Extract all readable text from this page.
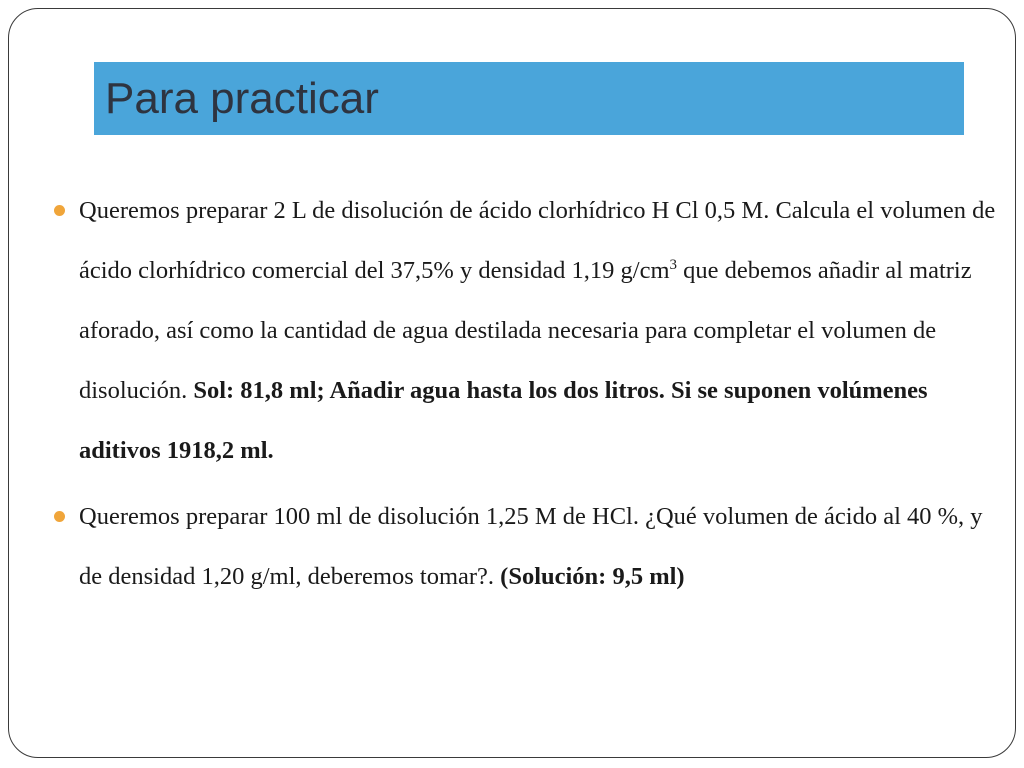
Para practicar

Queremos preparar 2 L de disolución de ácido clorhídrico H Cl 0,5 M. Calcula el volumen de ácido clorhídrico comercial del 37,5% y densidad 1,19 $g/cm^3$ que debemos añadir al matriz aforado, así como la cantidad de agua destilada necesaria para completar el volumen de disolución. Sol: 81,8 ml; Añadir agua hasta los dos litros. Si se suponen volúmenes aditivos 1918,2 ml.

Queremos preparar 100 ml de disolución 1,25 M de HCl. ¿Qué volumen de ácido al 40 %, y de densidad 1,20 g/ml, deberemos tomar?. (Solución: 9,5 ml)
